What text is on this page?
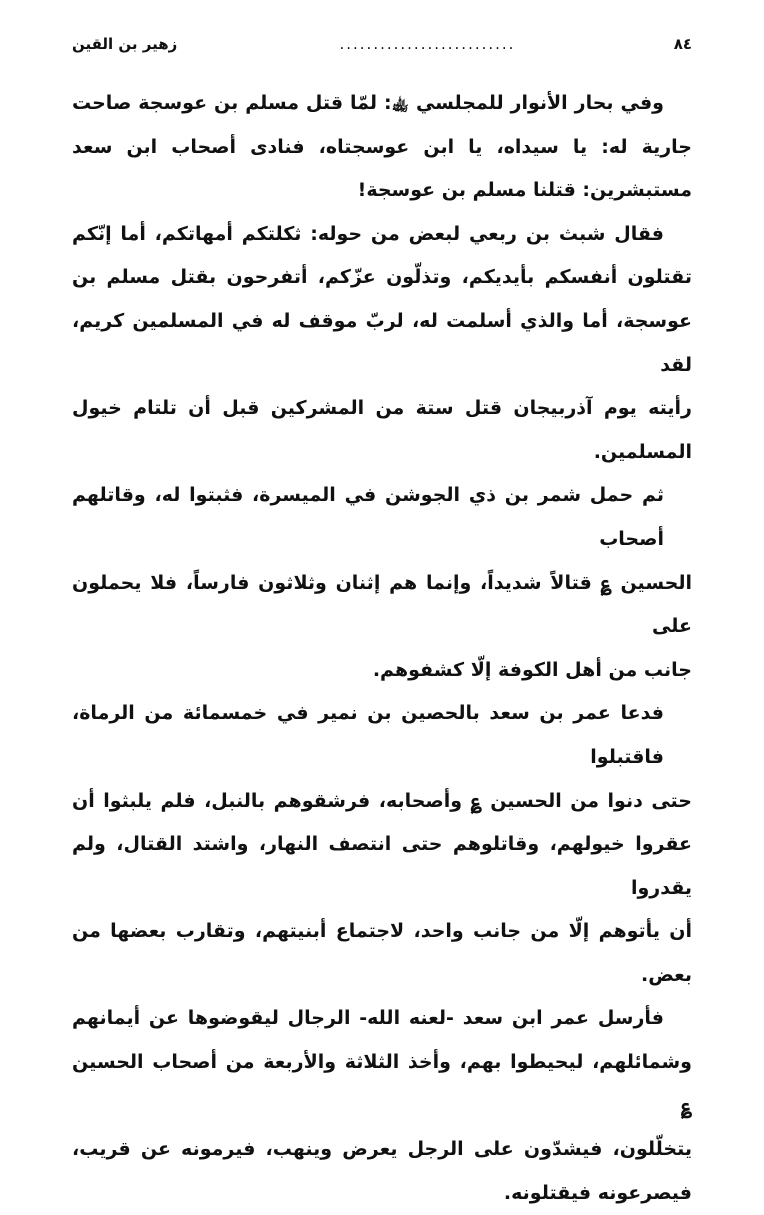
٨٤
..........................
زهير بن القين
وفي بحار الأنوار للمجلسي ﵀: لمّا قتل مسلم بن عوسجة صاحت
جارية له: يا سيداه، يا ابن عوسجتاه، فنادى أصحاب ابن سعد
مستبشرين: قتلنا مسلم بن عوسجة!
فقال شبث بن ربعي لبعض من حوله: ثكلتكم أمهاتكم، أما إنّكم
تقتلون أنفسكم بأيديكم، وتذلّون عزّكم، أتفرحون بقتل مسلم بن
عوسجة، أما والذي أسلمت له، لربّ موقف له في المسلمين كريم، لقد
رأيته يوم آذربيجان قتل ستة من المشركين قبل أن تلتام خيول
المسلمين.
ثم حمل شمر بن ذي الجوشن في الميسرة، فثبتوا له، وقاتلهم أصحاب
الحسين ؏ قتالاً شديداً، وإنما هم إثنان وثلاثون فارساً، فلا يحملون على
جانب من أهل الكوفة إلّا كشفوهم.
فدعا عمر بن سعد بالحصين بن نمير في خمسمائة من الرماة، فاقتبلوا
حتى دنوا من الحسين ؏ وأصحابه، فرشقوهم بالنبل، فلم يلبثوا أن
عقروا خيولهم، وقاتلوهم حتى انتصف النهار، واشتد القتال، ولم يقدروا
أن يأتوهم إلّا من جانب واحد، لاجتماع أبنيتهم، وتقارب بعضها من
بعض.
فأرسل عمر ابن سعد -لعنه الله- الرجال ليقوضوها عن أيمانهم
وشمائلهم، ليحيطوا بهم، وأخذ الثلاثة والأربعة من أصحاب الحسين ؏
يتخلّلون، فيشدّون على الرجل يعرض وينهب، فيرمونه عن قريب،
فيصرعونه فيقتلونه.
